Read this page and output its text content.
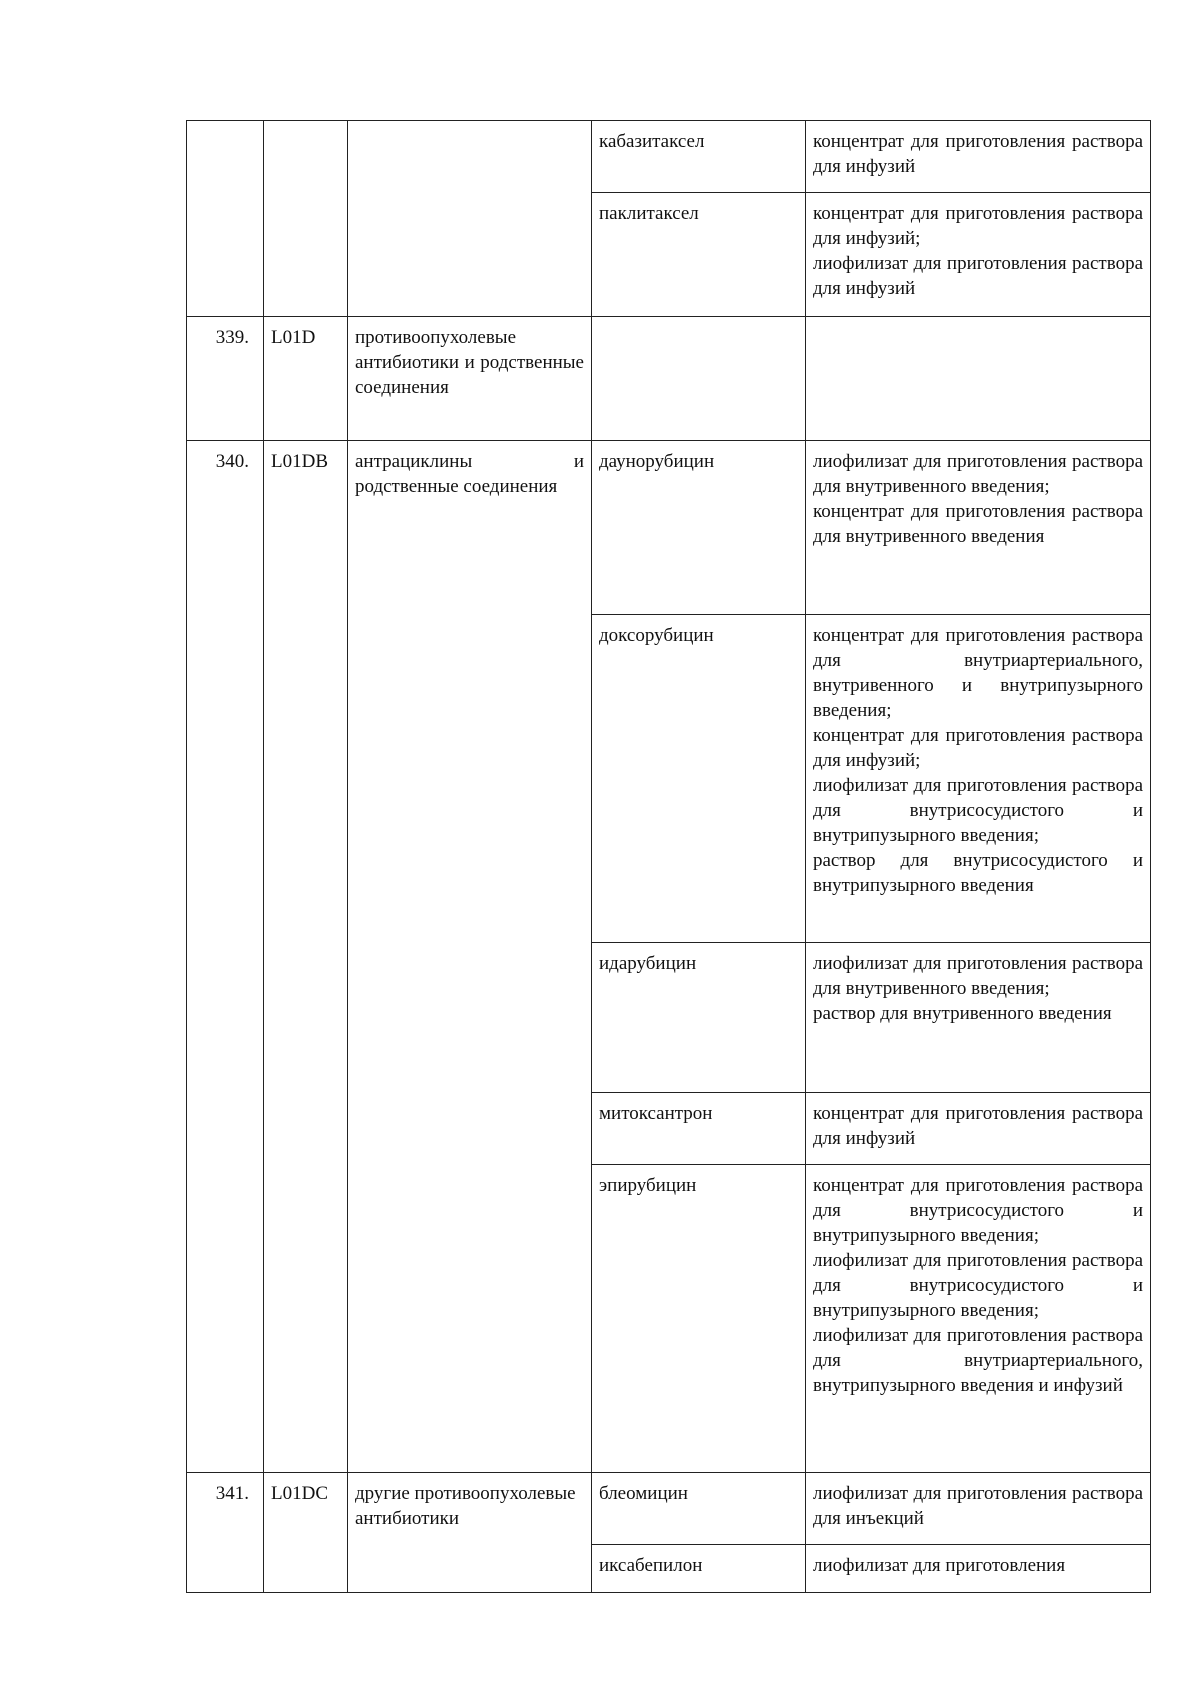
			кабазитаксел	концентрат для приготовления раствора для инфузий

			паклитаксел	концентрат для приготовления раствора для инфузий;
лиофилизат для приготовления раствора для инфузий

339.	L01D	противоопухолевые антибиотики и родственные соединения		
340.	L01DB	антрациклины и родственные соединения	даунорубицин	лиофилизат для приготовления раствора для внутривенного введения;
концентрат для приготовления раствора для внутривенного введения

			доксорубицин	концентрат для приготовления раствора для внутриартериального, внутривенного и внутрипузырного введения;
концентрат для приготовления раствора для инфузий;
лиофилизат для приготовления раствора для внутрисосудистого и внутрипузырного введения;
раствор для внутрисосудистого и внутрипузырного введения

			идарубицин	лиофилизат для приготовления раствора для внутривенного введения;
раствор для внутривенного введения

			митоксантрон	концентрат для приготовления раствора для инфузий

			эпирубицин	концентрат для приготовления раствора для внутрисосудистого и внутрипузырного введения;
лиофилизат для приготовления раствора для внутрисосудистого и внутрипузырного введения;
лиофилизат для приготовления раствора для внутриартериального, внутрипузырного введения и инфузий

341.	L01DC	другие противоопухолевые антибиотики	блеомицин	лиофилизат для приготовления раствора для инъекций

			иксабепилон	лиофилизат для приготовления
